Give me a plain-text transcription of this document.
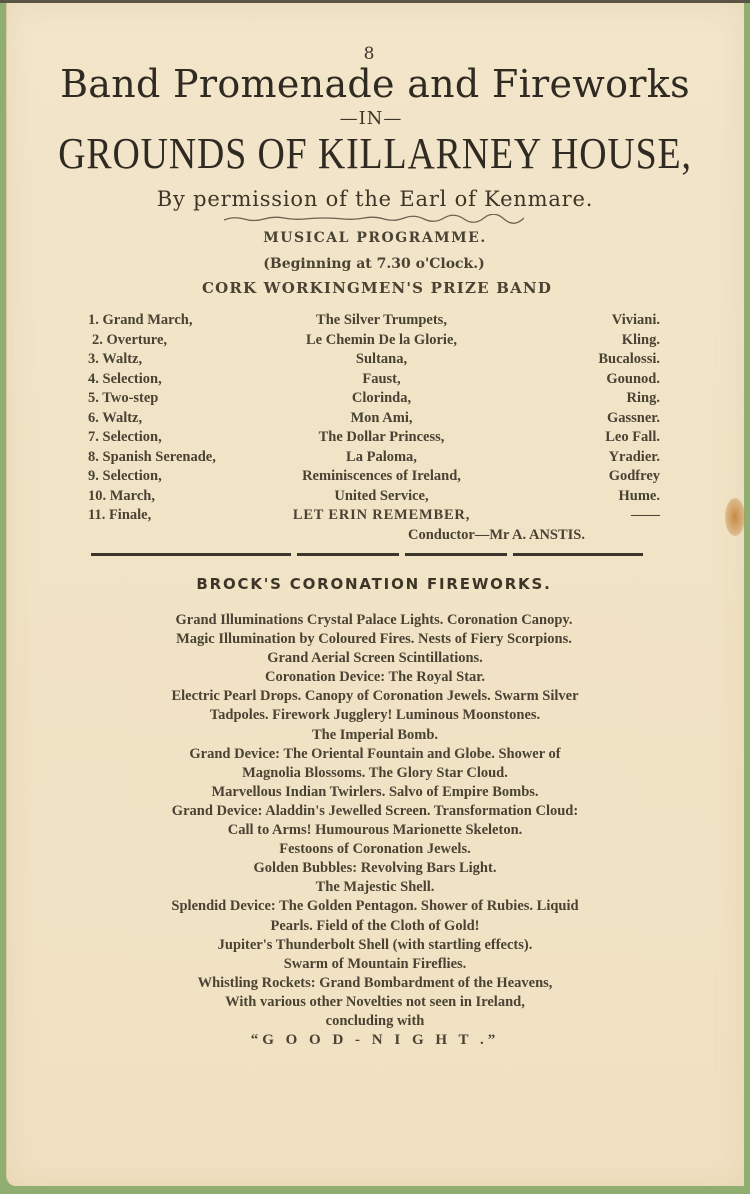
8
Band Promenade and Fireworks
—IN—
GROUNDS OF KILLARNEY HOUSE,
By permission of the Earl of Kenmare.
MUSICAL PROGRAMME.
(Beginning at 7.30 o'Clock.)
CORK WORKINGMEN'S PRIZE BAND
1. Grand March,	The Silver Trumpets,	Viviani.
2. Overture,	Le Chemin De la Glorie,	Kling.
3. Waltz,	Sultana,	Bucalossi.
4. Selection,	Faust,	Gounod.
5. Two-step	Clorinda,	Ring.
6. Waltz,	Mon Ami,	Gassner.
7. Selection,	The Dollar Princess,	Leo Fall.
8. Spanish Serenade,	La Paloma,	Yradier.
9. Selection,	Reminiscences of Ireland,	Godfrey
10. March,	United Service,	Hume.
11. Finale,	LET ERIN REMEMBER,	——
Conductor—Mr A. ANSTIS.
BROCK'S CORONATION FIREWORKS.
Grand Illuminations Crystal Palace Lights. Coronation Canopy.
Magic Illumination by Coloured Fires. Nests of Fiery Scorpions.
Grand Aerial Screen Scintillations.
Coronation Device: The Royal Star.
Electric Pearl Drops. Canopy of Coronation Jewels. Swarm Silver
Tadpoles. Firework Jugglery! Luminous Moonstones.
The Imperial Bomb.
Grand Device: The Oriental Fountain and Globe. Shower of
Magnolia Blossoms. The Glory Star Cloud.
Marvellous Indian Twirlers. Salvo of Empire Bombs.
Grand Device: Aladdin's Jewelled Screen. Transformation Cloud:
Call to Arms! Humourous Marionette Skeleton.
Festoons of Coronation Jewels.
Golden Bubbles: Revolving Bars Light.
The Majestic Shell.
Splendid Device: The Golden Pentagon. Shower of Rubies. Liquid
Pearls. Field of the Cloth of Gold!
Jupiter's Thunderbolt Shell (with startling effects).
Swarm of Mountain Fireflies.
Whistling Rockets: Grand Bombardment of the Heavens,
With various other Novelties not seen in Ireland,
concluding with
“G O O D - N I G H T .”
